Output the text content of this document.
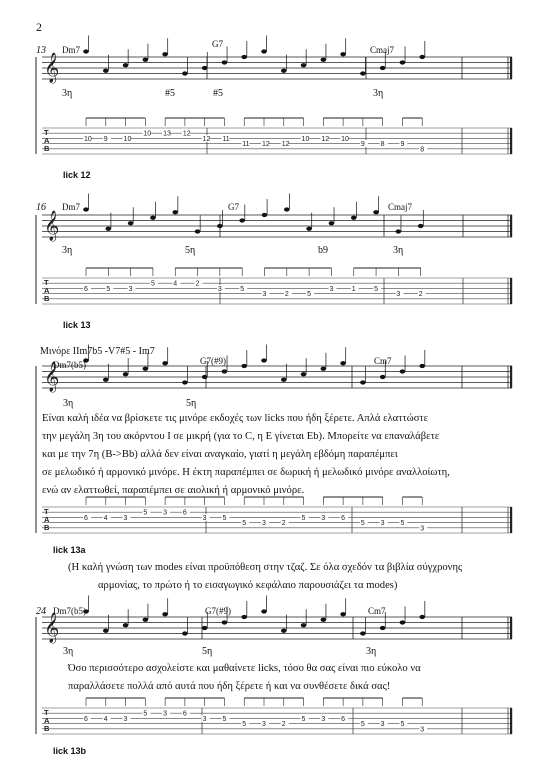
𝄞
T
A
B
10 9 10
10 13 12
12 11
11 12 12
10 12 10
9 8 9
8
𝄞
T
A
B
6	5	3
5	4	2
3	5
3	2	5
3	1	5
3	2
𝄞
T
A
B
6 4 3
5 3 6
3 5
5 3 2
5 3 6
5 3 5
3
𝄞
T
A
B
6 4 3
5 3 6
3 5
5 3 2
5 3 6
5 3 5
3
2
13 Dm7
G7
Cmaj7
3η	#5	#5	3η
lick 12
16 Dm7	G7	Cmaj7
3η	5η	b9	3η
lick 13
Μινόρε IIm7b5 -V7#5 - Im7
Dm7(b5)	G7(#9)	Cm7
3η	5η
Είναι καλή ιδέα να βρίσκετε τις μινόρε εκδοχές των licks που ήδη ξέρετε. Απλά ελαττώστε
την μεγάλη 3η του ακόρντου I σε μικρή (για το C, η E γίνεται Eb). Μπορείτε να επαναλάβετε
και με την 7η (B->Bb) αλλά δεν είναι αναγκαίο, γιατί η μεγάλη εβδόμη παραπέμπει
σε μελωδικό ή αρμονικό μινόρε. Η έκτη παραπέμπει σε δωρική ή μελωδικό μινόρε αναλλοίωτη,
ενώ αν ελαττωθεί, παραπέμπει σε αιολική ή αρμονικό μινόρε.
lick 13a
(Η καλή γνώση των modes είναι προϋπόθεση στην τζαζ. Σε όλα σχεδόν τα βιβλία σύγχρονης
αρμονίας, το πρώτο ή το εισαγωγικό κεφάλαιο παρουσιάζει τα modes)
24 Dm7(b5)	G7(#9)	Cm7
3η	5η	3η
Όσο περισσότερο ασχολείστε και μαθαίνετε licks, τόσο θα σας είναι πιο εύκολο να
παραλλάσετε πολλά από αυτά που ήδη ξέρετε ή και να συνθέσετε δικά σας!
lick 13b
